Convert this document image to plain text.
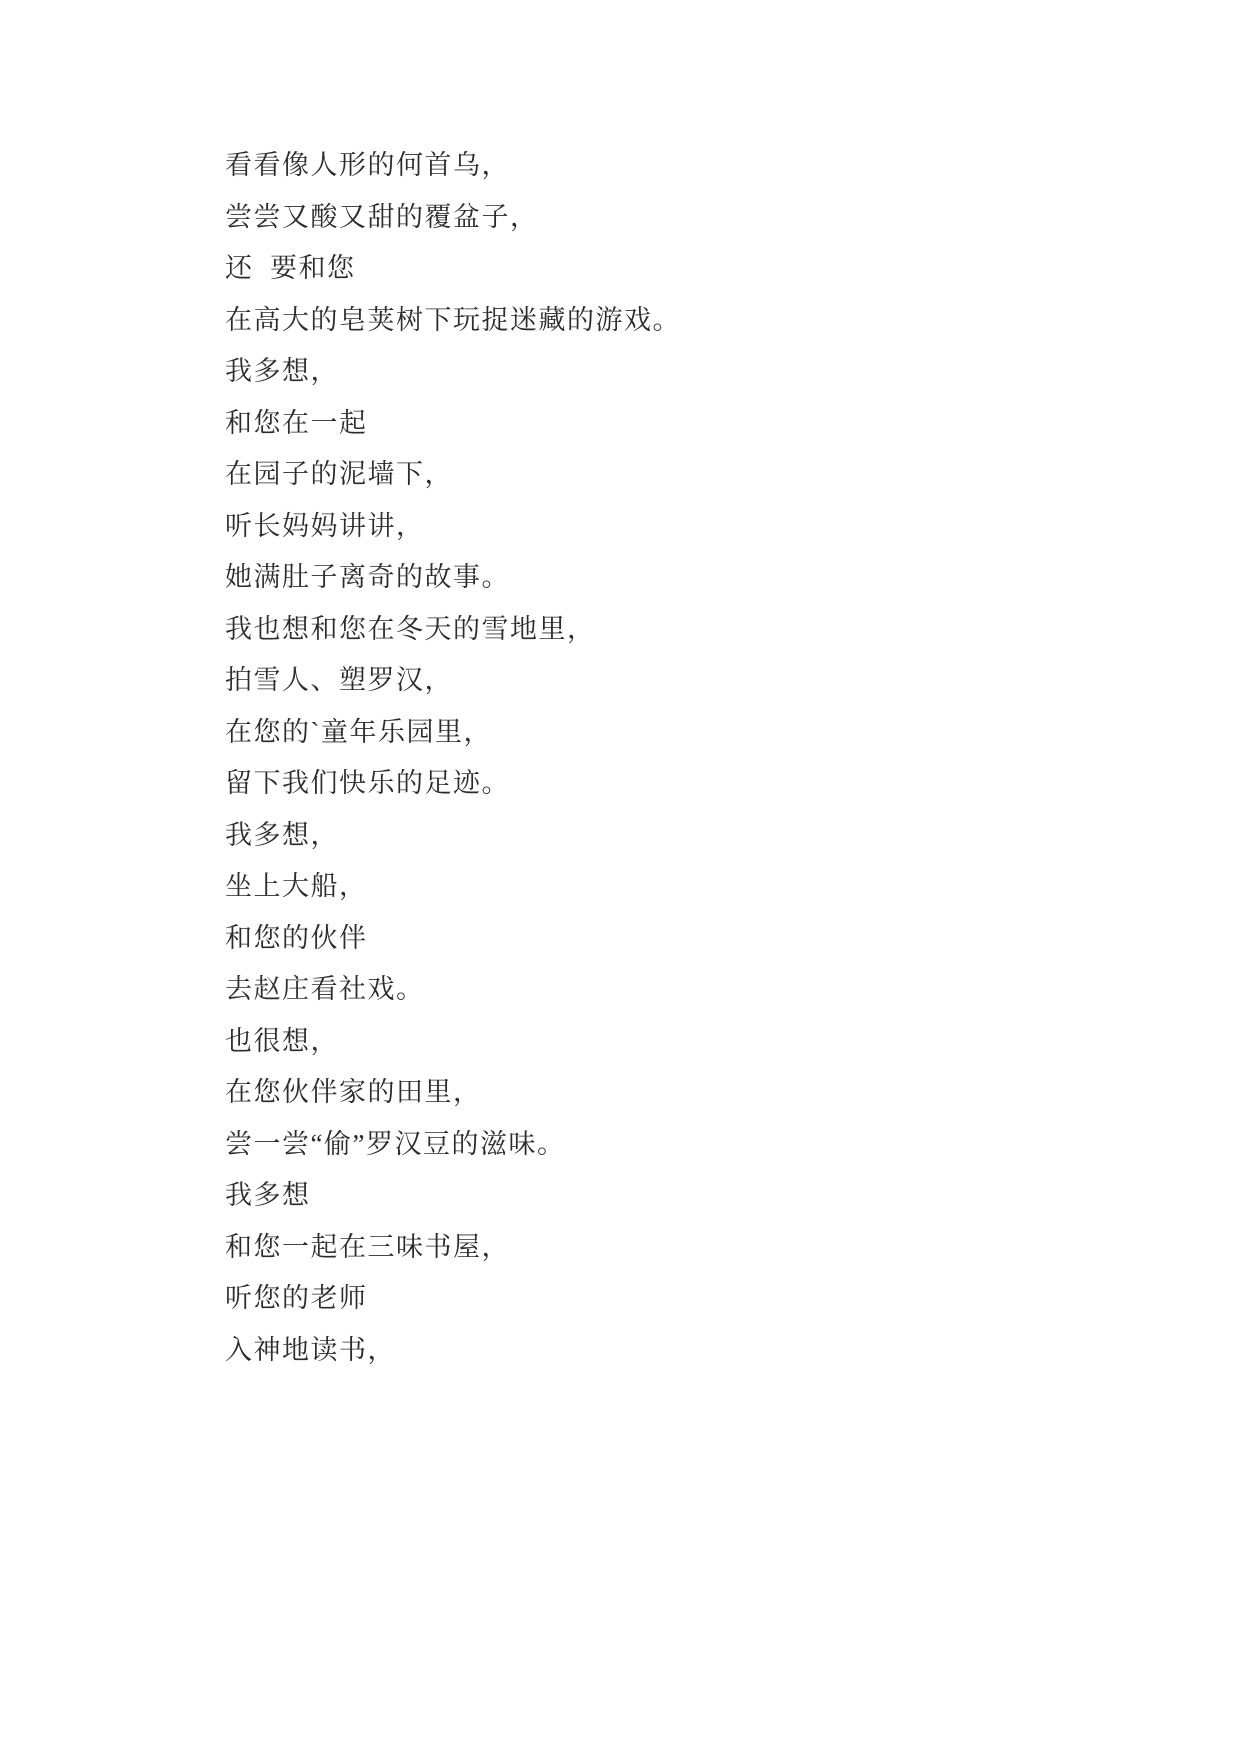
看看像人形的何首乌，
尝尝又酸又甜的覆盆子，
还  要和您
在高大的皂荚树下玩捉迷藏的游戏。
我多想，
和您在一起
在园子的泥墙下，
听长妈妈讲讲，
她满肚子离奇的故事。
我也想和您在冬天的雪地里，
拍雪人、塑罗汉，
在您的`童年乐园里，
留下我们快乐的足迹。
我多想，
坐上大船，
和您的伙伴
去赵庄看社戏。
也很想，
在您伙伴家的田里，
尝一尝“偷”罗汉豆的滋味。
我多想
和您一起在三味书屋，
听您的老师
入神地读书，
